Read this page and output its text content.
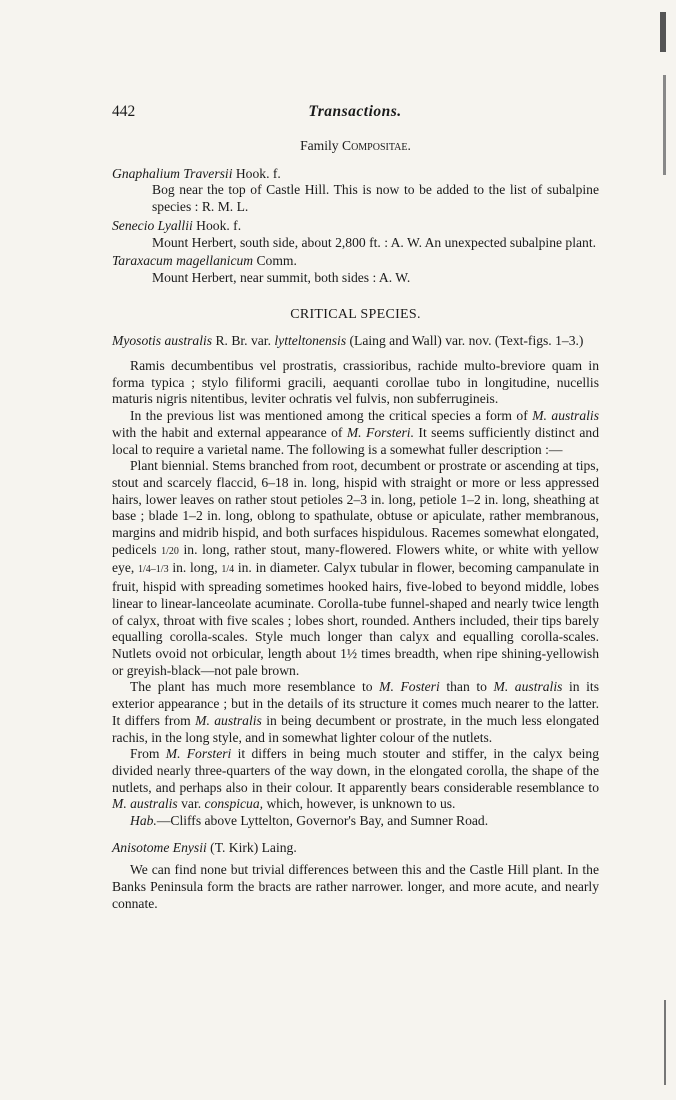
442	Transactions.

Family Compositae.

Gnaphalium Traversii Hook. f.

Bog near the top of Castle Hill. This is now to be added to the list of subalpine species : R. M. L.

Senecio Lyallii Hook. f.

Mount Herbert, south side, about 2,800 ft. : A. W. An unexpected subalpine plant.

Taraxacum magellanicum Comm.

Mount Herbert, near summit, both sides : A. W.

CRITICAL SPECIES.

Myosotis australis R. Br. var. lytteltonensis (Laing and Wall) var. nov. (Text-figs. 1–3.)

Ramis decumbentibus vel prostratis, crassioribus, rachide multo-breviore quam in forma typica ; stylo filiformi gracili, aequanti corollae tubo in longitudine, nucellis maturis nigris nitentibus, leviter ochratis vel fulvis, non subferrugineis.

In the previous list was mentioned among the critical species a form of M. australis with the habit and external appearance of M. Forsteri. It seems sufficiently distinct and local to require a varietal name. The following is a somewhat fuller description :—

Plant biennial. Stems branched from root, decumbent or prostrate or ascending at tips, stout and scarcely flaccid, 6–18 in. long, hispid with straight or more or less appressed hairs, lower leaves on rather stout petioles 2–3 in. long, petiole 1–2 in. long, sheathing at base ; blade 1–2 in. long, oblong to spathulate, obtuse or apiculate, rather membranous, margins and midrib hispid, and both surfaces hispidulous. Racemes somewhat elongated, pedicels 1/20 in. long, rather stout, many-flowered. Flowers white, or white with yellow eye, 1/4–1/3 in. long, 1/4 in. in diameter. Calyx tubular in flower, becoming campanulate in fruit, hispid with spreading sometimes hooked hairs, five-lobed to beyond middle, lobes linear to linear-lanceolate acuminate. Corolla-tube funnel-shaped and nearly twice length of calyx, throat with five scales ; lobes short, rounded. Anthers included, their tips barely equalling corolla-scales. Style much longer than calyx and equalling corolla-scales. Nutlets ovoid not orbicular, length about 1½ times breadth, when ripe shining-yellowish or greyish-black—not pale brown.

The plant has much more resemblance to M. Fosteri than to M. australis in its exterior appearance ; but in the details of its structure it comes much nearer to the latter. It differs from M. australis in being decumbent or prostrate, in the much less elongated rachis, in the long style, and in somewhat lighter colour of the nutlets.

From M. Forsteri it differs in being much stouter and stiffer, in the calyx being divided nearly three-quarters of the way down, in the elongated corolla, the shape of the nutlets, and perhaps also in their colour. It apparently bears considerable resemblance to M. australis var. conspicua, which, however, is unknown to us.

Hab.—Cliffs above Lyttelton, Governor's Bay, and Sumner Road.

Anisotome Enysii (T. Kirk) Laing.

We can find none but trivial differences between this and the Castle Hill plant. In the Banks Peninsula form the bracts are rather narrower. longer, and more acute, and nearly connate.
